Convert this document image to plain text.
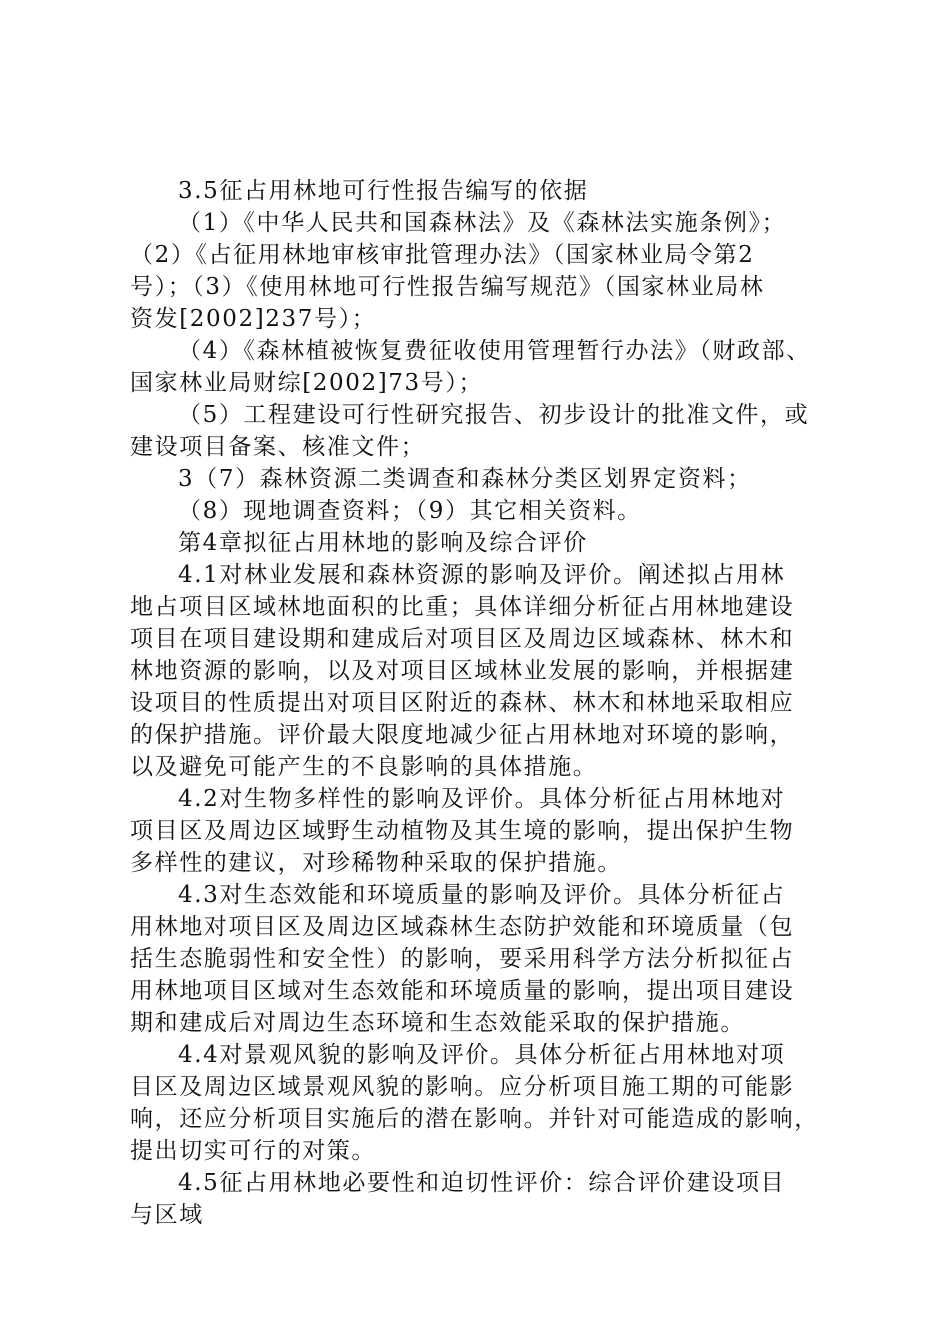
3.5征占用林地可行性报告编写的依据
（1）《中华人民共和国森林法》及《森林法实施条例》；
（2）《占征用林地审核审批管理办法》（国家林业局令第2
号）；（3）《使用林地可行性报告编写规范》（国家林业局林
资发[2002]237号）；
（4）《森林植被恢复费征收使用管理暂行办法》（财政部、
国家林业局财综[2002]73号）；
（5）工程建设可行性研究报告、初步设计的批准文件，或
建设项目备案、核准文件；
3（7）森林资源二类调查和森林分类区划界定资料；
（8）现地调查资料；（9）其它相关资料。
第4章拟征占用林地的影响及综合评价
4.1对林业发展和森林资源的影响及评价。阐述拟占用林
地占项目区域林地面积的比重；具体详细分析征占用林地建设
项目在项目建设期和建成后对项目区及周边区域森林、林木和
林地资源的影响，以及对项目区域林业发展的影响，并根据建
设项目的性质提出对项目区附近的森林、林木和林地采取相应
的保护措施。评价最大限度地减少征占用林地对环境的影响，
以及避免可能产生的不良影响的具体措施。
4.2对生物多样性的影响及评价。具体分析征占用林地对
项目区及周边区域野生动植物及其生境的影响，提出保护生物
多样性的建议，对珍稀物种采取的保护措施。
4.3对生态效能和环境质量的影响及评价。具体分析征占
用林地对项目区及周边区域森林生态防护效能和环境质量（包
括生态脆弱性和安全性）的影响，要采用科学方法分析拟征占
用林地项目区域对生态效能和环境质量的影响，提出项目建设
期和建成后对周边生态环境和生态效能采取的保护措施。
4.4对景观风貌的影响及评价。具体分析征占用林地对项
目区及周边区域景观风貌的影响。应分析项目施工期的可能影
响，还应分析项目实施后的潜在影响。并针对可能造成的影响，
提出切实可行的对策。
4.5征占用林地必要性和迫切性评价：综合评价建设项目
与区域
